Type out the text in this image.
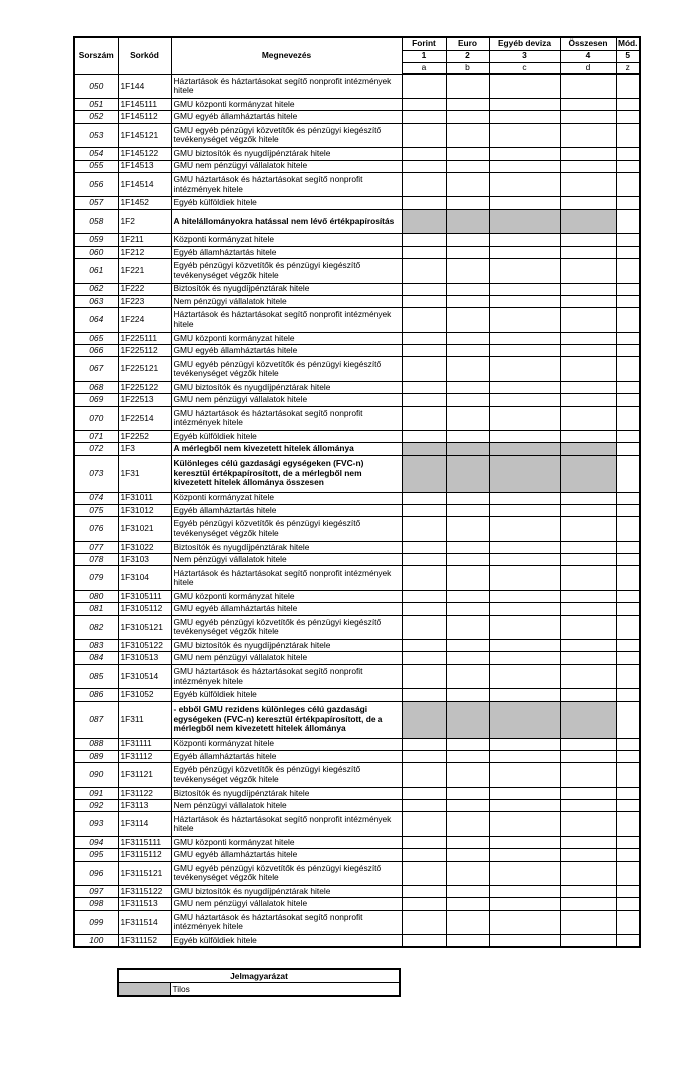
Sorszám	Sorkód	Megnevezés	Forint	Euro	Egyéb deviza	Összesen	Mód.
			1	2	3	4	5
			a	b	c	d	z
050	1F144	Háztartások és háztartásokat segítő nonprofit intézmények hitele					
051	1F145111	GMU központi kormányzat hitele					
052	1F145112	GMU egyéb államháztartás hitele					
053	1F145121	GMU egyéb pénzügyi közvetítők és pénzügyi kiegészítő tevékenységet végzők hitele					
054	1F145122	GMU biztosítók és nyugdíjpénztárak hitele					
055	1F14513	GMU nem pénzügyi vállalatok hitele					
056	1F14514	GMU háztartások és háztartásokat segítő nonprofit intézmények hitele					
057	1F1452	Egyéb külföldiek hitele					
058	1F2	A hitelállományokra hatással nem lévő értékpapírosítás					
059	1F211	Központi kormányzat hitele					
060	1F212	Egyéb államháztartás hitele					
061	1F221	Egyéb pénzügyi közvetítők és pénzügyi kiegészítő tevékenységet végzők hitele					
062	1F222	Biztosítók és nyugdíjpénztárak hitele					
063	1F223	Nem pénzügyi vállalatok hitele					
064	1F224	Háztartások és háztartásokat segítő nonprofit intézmények hitele					
065	1F225111	GMU központi kormányzat hitele					
066	1F225112	GMU egyéb államháztartás hitele					
067	1F225121	GMU egyéb pénzügyi közvetítők és pénzügyi kiegészítő tevékenységet végzők hitele					
068	1F225122	GMU biztosítók és nyugdíjpénztárak hitele					
069	1F22513	GMU nem pénzügyi vállalatok hitele					
070	1F22514	GMU háztartások és háztartásokat segítő nonprofit intézmények hitele					
071	1F2252	Egyéb külföldiek hitele					
072	1F3	A mérlegből nem kivezetett hitelek állománya					
073	1F31	Különleges célú gazdasági egységeken (FVC-n) keresztül értékpapírosított, de a mérlegből nem kivezetett hitelek állománya összesen					
074	1F31011	Központi kormányzat hitele					
075	1F31012	Egyéb államháztartás hitele					
076	1F31021	Egyéb pénzügyi közvetítők és pénzügyi kiegészítő tevékenységet végzők hitele					
077	1F31022	Biztosítók és nyugdíjpénztárak hitele					
078	1F3103	Nem pénzügyi vállalatok hitele					
079	1F3104	Háztartások és háztartásokat segítő nonprofit intézmények hitele					
080	1F3105111	GMU központi kormányzat hitele					
081	1F3105112	GMU egyéb államháztartás hitele					
082	1F3105121	GMU egyéb pénzügyi közvetítők és pénzügyi kiegészítő tevékenységet végzők hitele					
083	1F3105122	GMU biztosítók és nyugdíjpénztárak hitele					
084	1F310513	GMU nem pénzügyi vállalatok hitele					
085	1F310514	GMU háztartások és háztartásokat segítő nonprofit intézmények hitele					
086	1F31052	Egyéb külföldiek hitele					
087	1F311	- ebből GMU rezidens különleges célú gazdasági egységeken (FVC-n) keresztül értékpapírosított, de a mérlegből nem kivezetett hitelek állománya					
088	1F31111	Központi kormányzat hitele					
089	1F31112	Egyéb államháztartás hitele					
090	1F31121	Egyéb pénzügyi közvetítők és pénzügyi kiegészítő tevékenységet végzők hitele					
091	1F31122	Biztosítók és nyugdíjpénztárak hitele					
092	1F3113	Nem pénzügyi vállalatok hitele					
093	1F3114	Háztartások és háztartásokat segítő nonprofit intézmények hitele					
094	1F3115111	GMU központi kormányzat hitele					
095	1F3115112	GMU egyéb államháztartás hitele					
096	1F3115121	GMU egyéb pénzügyi közvetítők és pénzügyi kiegészítő tevékenységet végzők hitele					
097	1F3115122	GMU biztosítók és nyugdíjpénztárak hitele					
098	1F311513	GMU nem pénzügyi vállalatok hitele					
099	1F311514	GMU háztartások és háztartásokat segítő nonprofit intézmények hitele					
100	1F311152	Egyéb külföldiek hitele					
Jelmagyarázat
	Tilos
